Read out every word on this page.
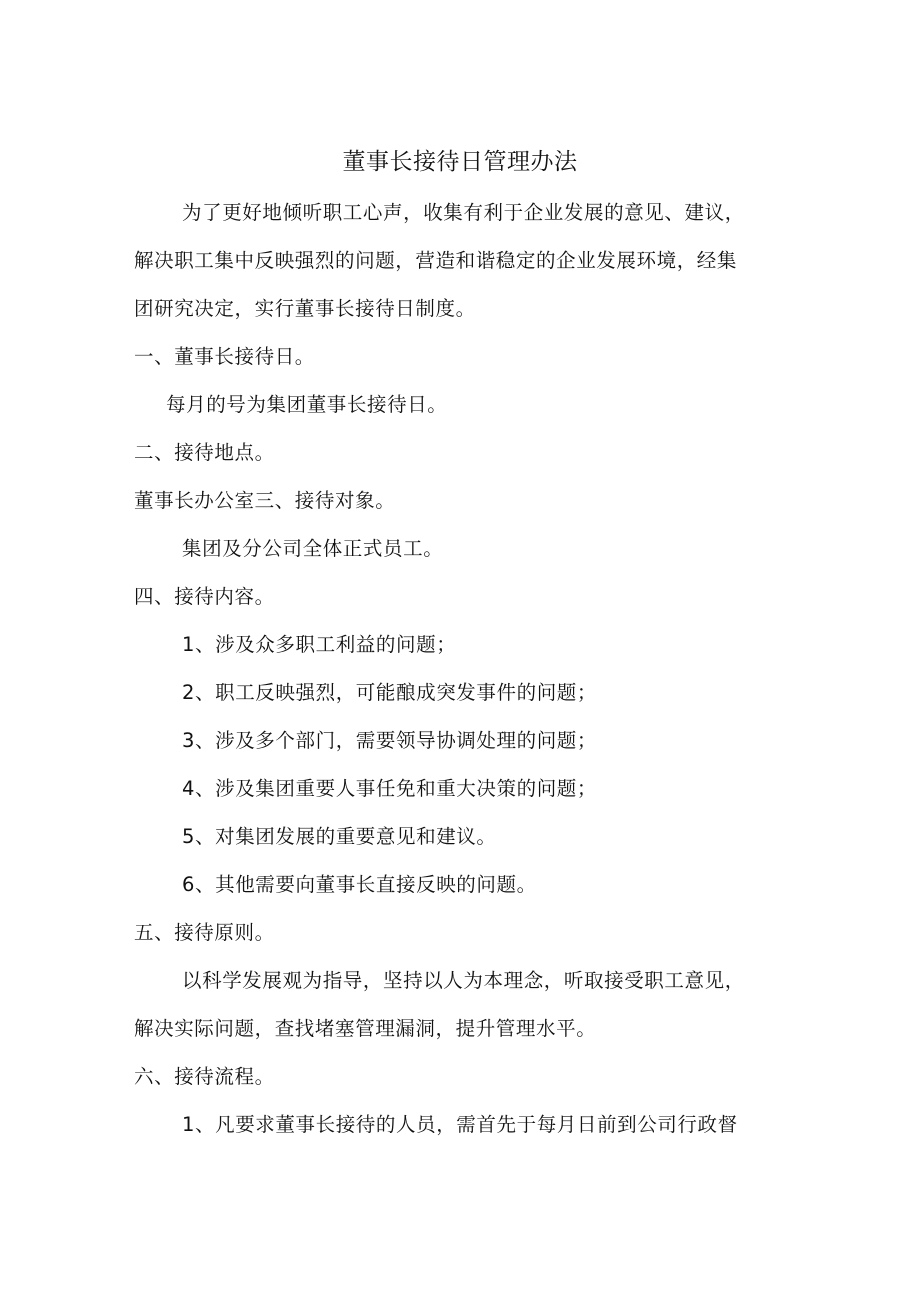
董事长接待日管理办法
为了更好地倾听职工心声，收集有利于企业发展的意见、建议，
解决职工集中反映强烈的问题，营造和谐稳定的企业发展环境，经集
团研究决定，实行董事长接待日制度。
一、董事长接待日。
每月的号为集团董事长接待日。
二、接待地点。
董事长办公室三、接待对象。
集团及分公司全体正式员工。
四、接待内容。
1、涉及众多职工利益的问题；
2、职工反映强烈，可能酿成突发事件的问题；
3、涉及多个部门，需要领导协调处理的问题；
4、涉及集团重要人事任免和重大决策的问题；
5、对集团发展的重要意见和建议。
6、其他需要向董事长直接反映的问题。
五、接待原则。
以科学发展观为指导，坚持以人为本理念，听取接受职工意见，
解决实际问题，查找堵塞管理漏洞，提升管理水平。
六、接待流程。
1、凡要求董事长接待的人员，需首先于每月日前到公司行政督
